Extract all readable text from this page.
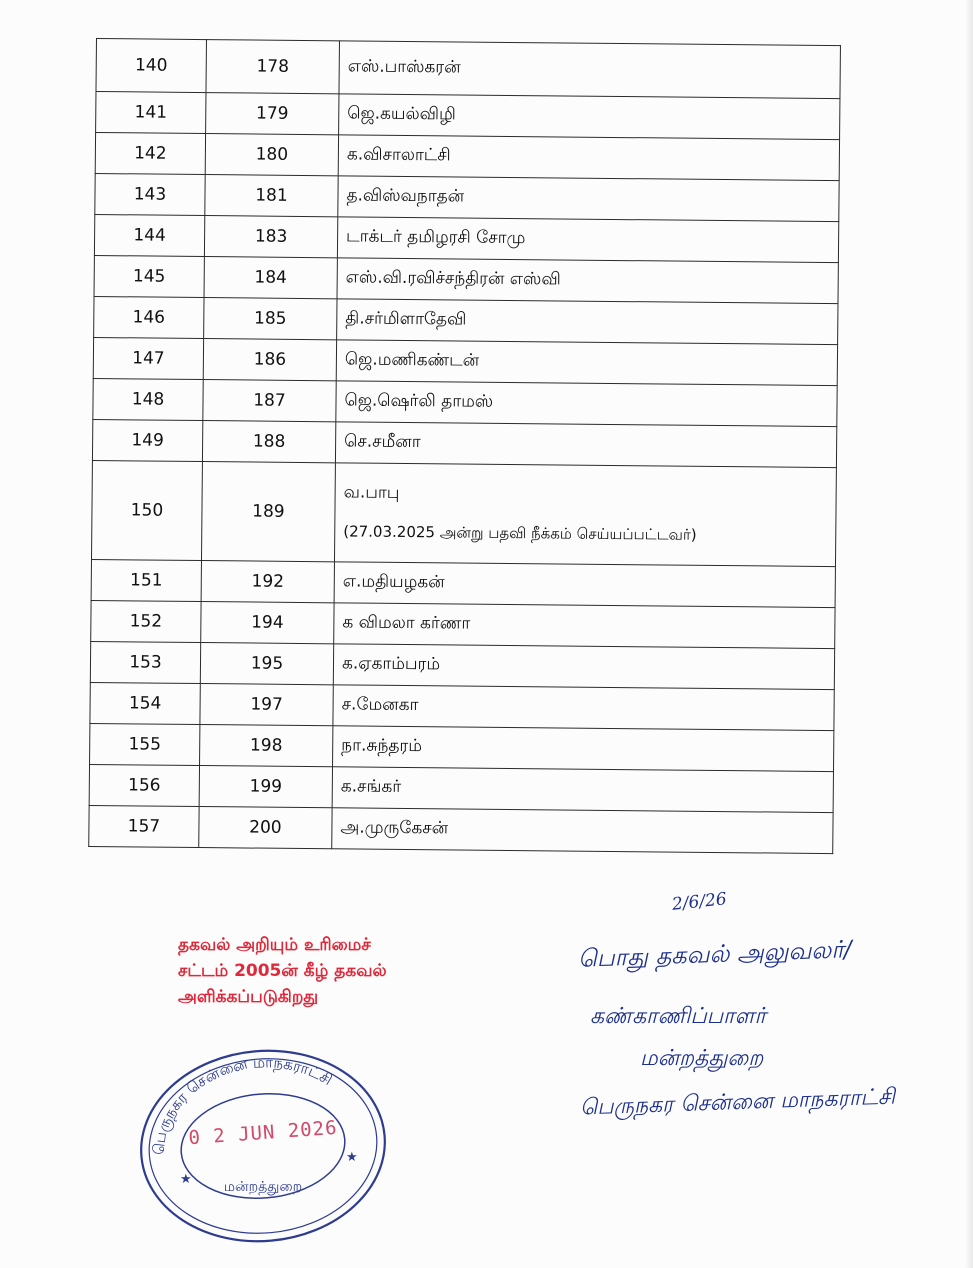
140	178	எஸ்.பாஸ்கரன்

141	179	ஜெ.கயல்விழி

142	180	க.விசாலாட்சி

143	181	த.விஸ்வநாதன்

144	183	டாக்டர் தமிழரசி சோமு

145	184	எஸ்.வி.ரவிச்சந்திரன் எஸ்வி

146	185	தி.சர்மிளாதேவி

147	186	ஜெ.மணிகண்டன்

148	187	ஜெ.ஷெர்லி தாமஸ்

149	188	செ.சமீனா

150	189	வ.பாபு
(27.03.2025 அன்று பதவி நீக்கம் செய்யப்பட்டவர்)

151	192	எ.மதியழகன்

152	194	க விமலா கர்ணா

153	195	க.ஏகாம்பரம்

154	197	ச.மேனகா

155	198	நா.சுந்தரம்

156	199	க.சங்கர்

157	200	அ.முருகேசன்
தகவல் அறியும் உரிமைச்
சட்டம் 2005ன் கீழ் தகவல்
அளிக்கப்படுகிறது
2/6/26
பொது தகவல் அலுவலர்/
கண்காணிப்பாளர்
மன்றத்துறை
பெருநகர சென்னை மாநகராட்சி
பெருநகர சென்னை மாநகராட்சி
0 2 JUN 2026
மன்றத்துறை
★
★
